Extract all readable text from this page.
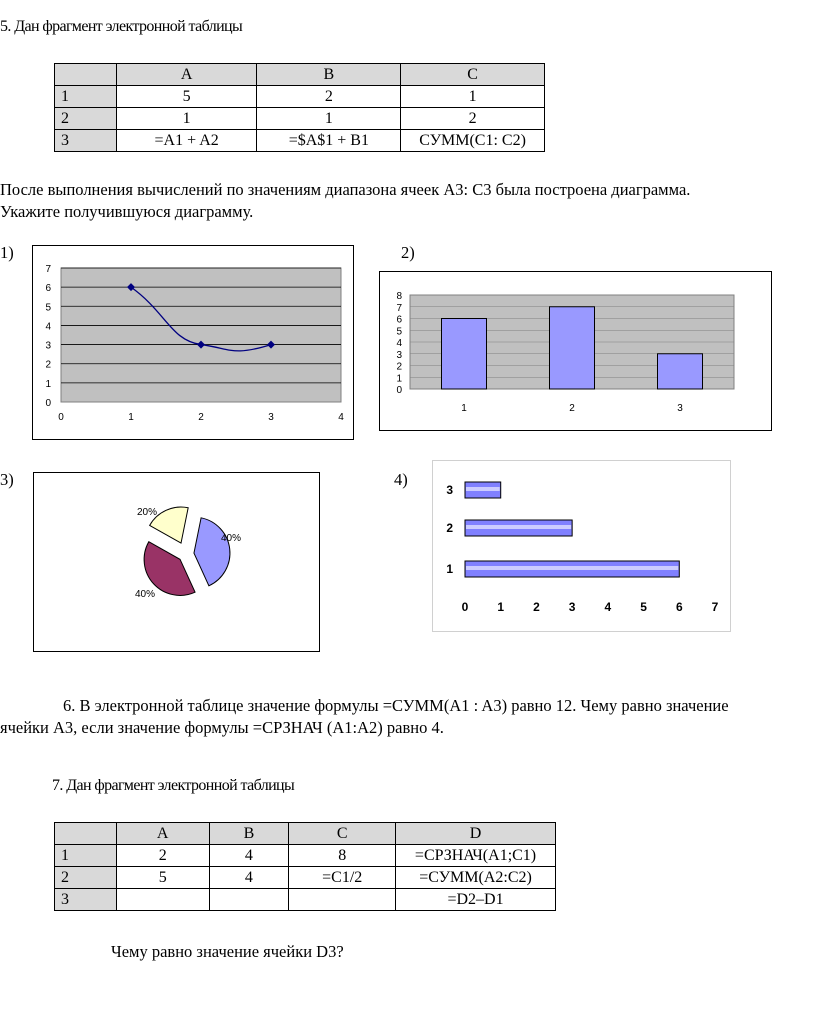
5. Дан фрагмент электронной таблицы
	A	B	C
1	5	2	1
2	1	1	2
3	=A1 + A2	=$A$1 + B1	СУММ(C1: C2)
После выполнения вычислений по значениям диапазона ячеек A3: C3 была построена диаграмма.
Укажите получившуюся диаграмму.
1)	2)
3)	4)
0
1
2
3
4
5
6
7
0	1	2	3	4
0
1
2
3
4
5
6
7
8
1	2	3
40%
40%
20%
1
2
3
0 1 2 3 4 5 6 7
6. В электронной таблице значение формулы =СУММ(A1 : A3) равно 12. Чему равно значение
ячейки А3, если значение формулы =СРЗНАЧ (A1:A2) равно 4.
7. Дан фрагмент электронной таблицы
	A	B	C	D
1	2	4	8	=СРЗНАЧ(A1;C1)
2	5	4	=C1/2	=СУММ(A2:C2)
3				=D2–D1
Чему равно значение ячейки D3?
